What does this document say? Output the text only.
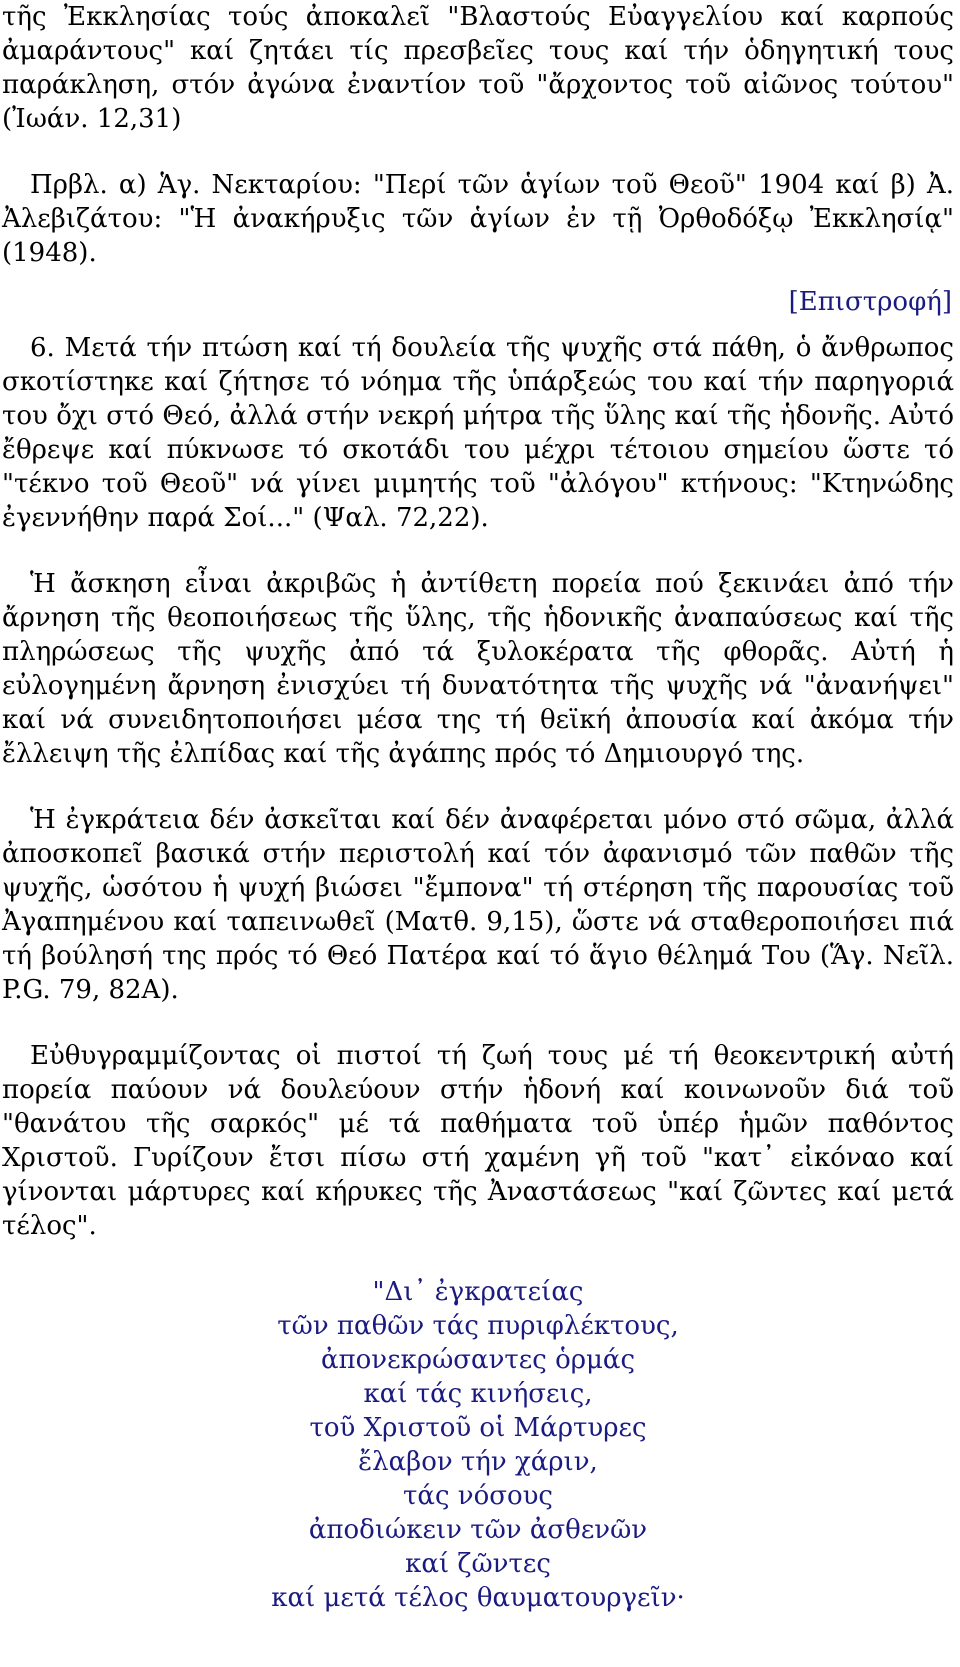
τῆς Ἐκκλησίας τούς ἀποκαλεῖ "Βλαστούς Εὐαγγελίου καί καρπούς ἀμαράντους" καί ζητάει τίς πρεσβεῖες τους καί τήν ὁδηγητική τους παράκληση, στόν ἀγώνα ἐναντίον τοῦ "ἄρχοντος τοῦ αἰῶνος τούτου" (Ἰωάν. 12,31)

Πρβλ. α) Ἁγ. Νεκταρίου: "Περί τῶν ἁγίων τοῦ Θεοῦ" 1904 καί β) Ἀ. Ἀλεβιζάτου: "Ἡ ἀνακήρυξις τῶν ἁγίων ἐν τῇ Ὀρθοδόξῳ Ἐκκλησίᾳ" (1948).

[Επιστροφή]

6. Μετά τήν πτώση καί τή δουλεία τῆς ψυχῆς στά πάθη, ὁ ἄνθρωπος σκοτίστηκε καί ζήτησε τό νόημα τῆς ὑπάρξεώς του καί τήν παρηγοριά του ὄχι στό Θεό, ἀλλά στήν νεκρή μήτρα τῆς ὕλης καί τῆς ἡδονῆς. Αὐτό ἔθρεψε καί πύκνωσε τό σκοτάδι του μέχρι τέτοιου σημείου ὥστε τό "τέκνο τοῦ Θεοῦ" νά γίνει μιμητής τοῦ "ἀλόγου" κτήνους: "Κτηνώδης ἐγεννήθην παρά Σοί..." (Ψαλ. 72,22).

Ἡ ἄσκηση εἶναι ἀκριβῶς ἡ ἀντίθετη πορεία πού ξεκινάει ἀπό τήν ἄρνηση τῆς θεοποιήσεως τῆς ὕλης, τῆς ἡδονικῆς ἀναπαύσεως καί τῆς πληρώσεως τῆς ψυχῆς ἀπό τά ξυλοκέρατα τῆς φθορᾶς. Αὐτή ἡ εὐλογημένη ἄρνηση ἐνισχύει τή δυνατότητα τῆς ψυχῆς νά "ἀνανήψει" καί νά συνειδητοποιήσει μέσα της τή θεϊκή ἀπουσία καί ἀκόμα τήν ἔλλειψη τῆς ἐλπίδας καί τῆς ἀγάπης πρός τό Δημιουργό της.

Ἡ ἐγκράτεια δέν ἀσκεῖται καί δέν ἀναφέρεται μόνο στό σῶμα, ἀλλά ἀποσκοπεῖ βασικά στήν περιστολή καί τόν ἀφανισμό τῶν παθῶν τῆς ψυχῆς, ὡσότου ἡ ψυχή βιώσει "ἔμπονα" τή στέρηση τῆς παρουσίας τοῦ Ἀγαπημένου καί ταπεινωθεῖ (Ματθ. 9,15), ὥστε νά σταθεροποιήσει πιά τή βούλησή της πρός τό Θεό Πατέρα καί τό ἅγιο θέλημά Του (Ἅγ. Νεῖλ. P.G. 79, 82Α).

Εὐθυγραμμίζοντας οἱ πιστοί τή ζωή τους μέ τή θεοκεντρική αὐτή πορεία παύουν νά δουλεύουν στήν ἡδονή καί κοινωνοῦν διά τοῦ "θανάτου τῆς σαρκός" μέ τά παθήματα τοῦ ὑπέρ ἡμῶν παθόντος Χριστοῦ. Γυρίζουν ἔτσι πίσω στή χαμένη γῆ τοῦ "κατ᾽ εἰκόναο καί γίνονται μάρτυρες καί κήρυκες τῆς Ἀναστάσεως "καί ζῶντες καί μετά τέλος".

"Δι᾽ ἐγκρατείας
τῶν παθῶν τάς πυριφλέκτους,
ἀπονεκρώσαντες ὁρμάς
καί τάς κινήσεις,
τοῦ Χριστοῦ οἱ Μάρτυρες
ἔλαβον τήν χάριν,
τάς νόσους
ἀποδιώκειν τῶν ἀσθενῶν
καί ζῶντες
καί μετά τέλος θαυματουργεῖν·
